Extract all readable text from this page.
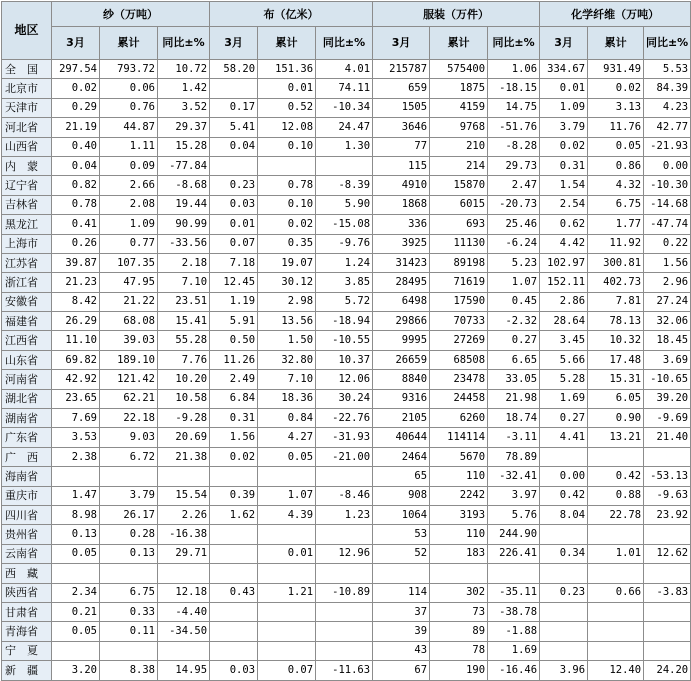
地区	纱（万吨）			布（亿米）			服装（万件）			化学纤维（万吨）		
	3月	累计	同比±%	3月	累计	同比±%	3月	累计	同比±%	3月	累计	同比±%
全　国	297.54	793.72	10.72	58.20	151.36	4.01	215787	575400	1.06	334.67	931.49	5.53
北京市	0.02	0.06	1.42		0.01	74.11	659	1875	-18.15	0.01	0.02	84.39
天津市	0.29	0.76	3.52	0.17	0.52	-10.34	1505	4159	14.75	1.09	3.13	4.23
河北省	21.19	44.87	29.37	5.41	12.08	24.47	3646	9768	-51.76	3.79	11.76	42.77
山西省	0.40	1.11	15.28	0.04	0.10	1.30	77	210	-8.28	0.02	0.05	-21.93
内　蒙	0.04	0.09	-77.84				115	214	29.73	0.31	0.86	0.00
辽宁省	0.82	2.66	-8.68	0.23	0.78	-8.39	4910	15870	2.47	1.54	4.32	-10.30
吉林省	0.78	2.08	19.44	0.03	0.10	5.90	1868	6015	-20.73	2.54	6.75	-14.68
黑龙江	0.41	1.09	90.99	0.01	0.02	-15.08	336	693	25.46	0.62	1.77	-47.74
上海市	0.26	0.77	-33.56	0.07	0.35	-9.76	3925	11130	-6.24	4.42	11.92	0.22
江苏省	39.87	107.35	2.18	7.18	19.07	1.24	31423	89198	5.23	102.97	300.81	1.56
浙江省	21.23	47.95	7.10	12.45	30.12	3.85	28495	71619	1.07	152.11	402.73	2.96
安徽省	8.42	21.22	23.51	1.19	2.98	5.72	6498	17590	0.45	2.86	7.81	27.24
福建省	26.29	68.08	15.41	5.91	13.56	-18.94	29866	70733	-2.32	28.64	78.13	32.06
江西省	11.10	39.03	55.28	0.50	1.50	-10.55	9995	27269	0.27	3.45	10.32	18.45
山东省	69.82	189.10	7.76	11.26	32.80	10.37	26659	68508	6.65	5.66	17.48	3.69
河南省	42.92	121.42	10.20	2.49	7.10	12.06	8840	23478	33.05	5.28	15.31	-10.65
湖北省	23.65	62.21	10.58	6.84	18.36	30.24	9316	24458	21.98	1.69	6.05	39.20
湖南省	7.69	22.18	-9.28	0.31	0.84	-22.76	2105	6260	18.74	0.27	0.90	-9.69
广东省	3.53	9.03	20.69	1.56	4.27	-31.93	40644	114114	-3.11	4.41	13.21	21.40
广　西	2.38	6.72	21.38	0.02	0.05	-21.00	2464	5670	78.89			
海南省							65	110	-32.41	0.00	0.42	-53.13
重庆市	1.47	3.79	15.54	0.39	1.07	-8.46	908	2242	3.97	0.42	0.88	-9.63
四川省	8.98	26.17	2.26	1.62	4.39	1.23	1064	3193	5.76	8.04	22.78	23.92
贵州省	0.13	0.28	-16.38				53	110	244.90			
云南省	0.05	0.13	29.71		0.01	12.96	52	183	226.41	0.34	1.01	12.62
西　藏												
陕西省	2.34	6.75	12.18	0.43	1.21	-10.89	114	302	-35.11	0.23	0.66	-3.83
甘肃省	0.21	0.33	-4.40				37	73	-38.78			
青海省	0.05	0.11	-34.50				39	89	-1.88			
宁　夏							43	78	1.69			
新　疆	3.20	8.38	14.95	0.03	0.07	-11.63	67	190	-16.46	3.96	12.40	24.20
